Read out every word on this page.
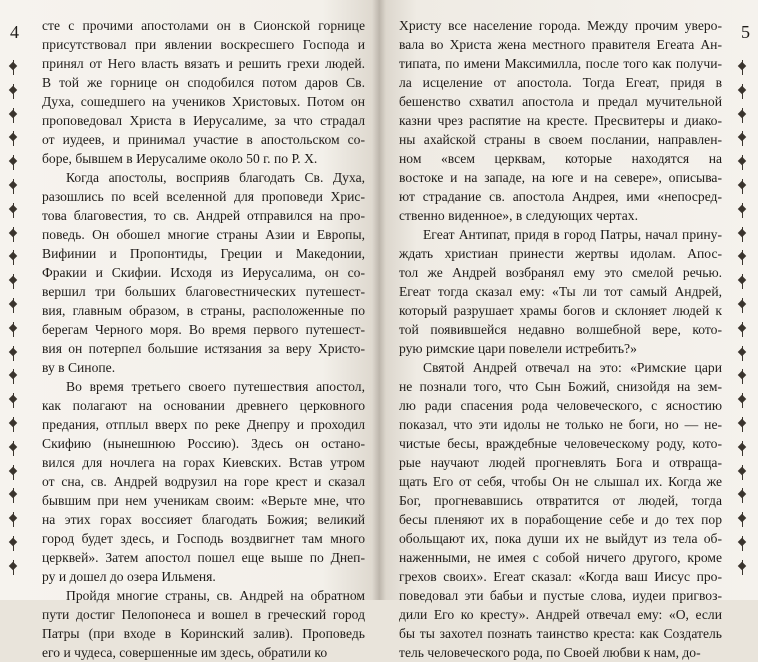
4 сте с прочими апостолами он в Сионской горнице
присутствовал при явлении воскресшего Господа и
принял от Него власть вязать и решить грехи людей.
В той же горнице он сподобился потом даров Св.
Духа, сошедшего на учеников Христовых. Потом он
проповедовал Христа в Иерусалиме, за что страдал
от иудеев, и принимал участие в апостольском со-
боре, бывшем в Иерусалиме около 50 г. по Р. Х.
Когда апостолы, восприяв благодать Св. Духа,
разошлись по всей вселенной для проповеди Хрис-
това благовестия, то св. Андрей отправился на про-
поведь. Он обошел многие страны Азии и Европы,
Вифинии и Пропонтиды, Греции и Македонии,
Фракии и Скифии. Исходя из Иерусалима, он со-
вершил три больших благовестнических путешест-
вия, главным образом, в страны, расположенные по
берегам Черного моря. Во время первого путешест-
вия он потерпел большие истязания за веру Христо-
ву в Синопе.
Во время третьего своего путешествия апостол,
как полагают на основании древнего церковного
предания, отплыл вверх по реке Днепру и проходил
Скифию (нынешнюю Россию). Здесь он остано-
вился для ночлега на горах Киевских. Встав утром
от сна, св. Андрей водрузил на горе крест и сказал
бывшим при нем ученикам своим: «Верьте мне, что
на этих горах воссияет благодать Божия; великий
город будет здесь, и Господь воздвигнет там много
церквей». Затем апостол пошел еще выше по Днеп-
ру и дошел до озера Ильменя.
Пройдя многие страны, св. Андрей на обратном
пути достиг Пелопонеса и вошел в греческий город
Патры (при входе в Коринский залив). Проповедь
его и чудеса, совершенные им здесь, обратили ко
5
Христу все население города. Между прочим уверо-
вала во Христа жена местного правителя Егеата Ан-
типата, по имени Максимилла, после того как получи-
ла исцеление от апостола. Тогда Егеат, придя в
бешенство схватил апостола и предал мучительной
казни чрез распятие на кресте. Пресвитеры и диако-
ны ахайской страны в своем послании, направлен-
ном «всем церквам, которые находятся на
востоке и на западе, на юге и на севере», описыва-
ют страдание св. апостола Андрея, ими «непосред-
ственно виденное», в следующих чертах.
Егеат Антипат, придя в город Патры, начал прину-
ждать христиан принести жертвы идолам. Апос-
тол же Андрей возбранял ему это смелой речью.
Егеат тогда сказал ему: «Ты ли тот самый Андрей,
который разрушает храмы богов и склоняет людей к
той появившейся недавно волшебной вере, кото-
рую римские цари повелели истребить?»
Святой Андрей отвечал на это: «Римские цари
не познали того, что Сын Божий, снизойдя на зем-
лю ради спасения рода человеческого, с ясностию
показал, что эти идолы не только не боги, но — не-
чистые бесы, враждебные человеческому роду, кото-
рые научают людей прогневлять Бога и отвраща-
щать Его от себя, чтобы Он не слышал их. Когда же
Бог, прогневавшись отвратится от людей, тогда
бесы пленяют их в порабощение себе и до тех пор
обольщают их, пока души их не выйдут из тела об-
наженными, не имея с собой ничего другого, кроме
грехов своих». Егеат сказал: «Когда ваш Иисус про-
поведовал эти бабьи и пустые слова, иудеи пригвоз-
дили Его ко кресту». Андрей отвечал ему: «О, если
бы ты захотел познать таинство креста: как Создатель
тель человеческого рода, по Своей любви к нам, до-
